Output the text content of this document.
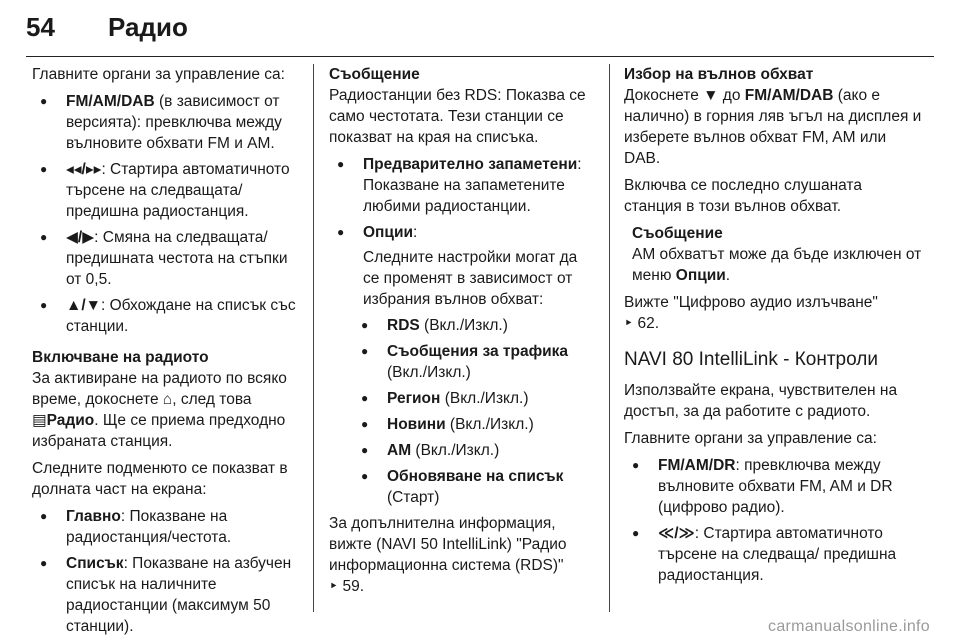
54 Радио

Главните органи за управление са:

● FM/AM/DAB (в зависимост от версията): превключва между вълновите обхвати FM и AM.
● ◂◂/▸▸: Стартира автоматичното търсене на следващата/предишна радиостанция.
● ◀/▶: Смяна на следващата/ предишната честота на стъпки от 0,5.
● ▲/▼: Обхождане на списък със станции.

Включване на радиото

За активиране на радиото по всяко време, докоснете ⌂, след това ▤Радио. Ще се приема предходно избраната станция.

Следните подменюто се показват в долната част на екрана:

● Главно: Показване на радиостанция/честота.
● Списък: Показване на азбучен списък на наличните радиостанции (максимум 50 станции).

Съобщение

Радиостанции без RDS: Показва се само честотата. Тези станции се показват на края на списъка.

● Предварително запаметени: Показване на запаметените любими радиостанции.
● Опции:
Следните настройки могат да се променят в зависимост от избрания вълнов обхват:
● RDS (Вкл./Изкл.)
● Съобщения за трафика (Вкл./Изкл.)
● Регион (Вкл./Изкл.)
● Новини (Вкл./Изкл.)
● AM (Вкл./Изкл.)
● Обновяване на списък (Старт)

За допълнителна информация, вижте (NAVI 50 IntelliLink) "Радио информационна система (RDS)"
‣ 59.

Избор на вълнов обхват

Докоснете ▼ до FM/AM/DAB (ако е налично) в горния ляв ъгъл на дисплея и изберете вълнов обхват FM, AM или DAB.

Включва се последно слушаната станция в този вълнов обхват.

Съобщение

AM обхватът може да бъде изключен от меню Опции.

Вижте "Цифрово аудио излъчване"
‣ 62.

NAVI 80 IntelliLink - Контроли

Използвайте екрана, чувствителен на достъп, за да работите с радиото.

Главните органи за управление са:

● FM/AM/DR: превключва между вълновите обхвати FM, AM и DR (цифрово радио).
● ≪/≫: Стартира автоматичното търсене на следваща/ предишна радиостанция.
carmanualsonline.info
